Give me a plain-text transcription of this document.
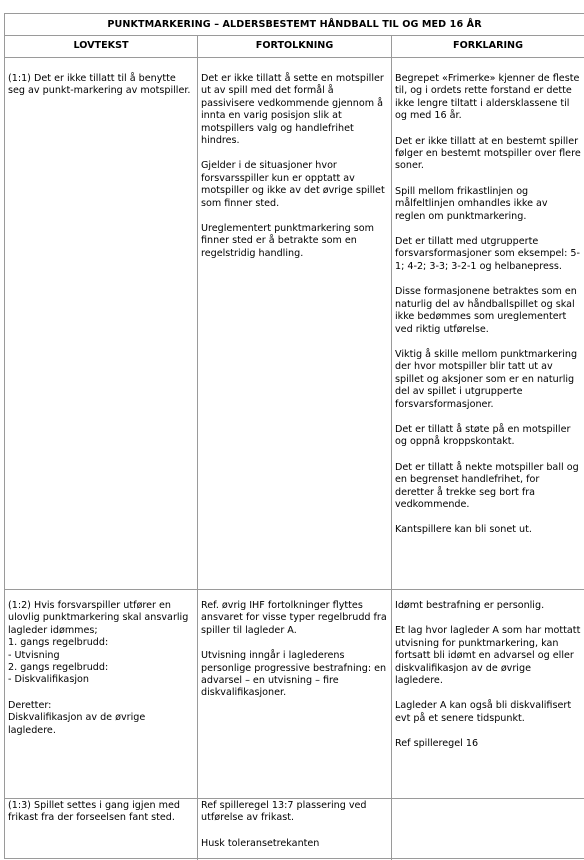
PUNKTMARKERING – ALDERSBESTEMT HÅNDBALL TIL OG MED 16 ÅR
LOVTEKST	FORTOLKNING	FORKLARING

(1:1) Det er ikke tillatt til å benytte seg av punkt-markering av motspiller.

Det er ikke tillatt å sette en motspiller ut av spill med det formål å passivisere vedkommende gjennom å innta en varig posisjon slik at motspillers valg og handlefrihet hindres.

Gjelder i de situasjoner hvor forsvarsspiller kun er opptatt av motspiller og ikke av det øvrige spillet som finner sted.

Ureglementert punktmarkering som finner sted er å betrakte som en regelstridig handling.

Begrepet «Frimerke» kjenner de fleste til, og i ordets rette forstand er dette ikke lengre tiltatt i aldersklassene til og med 16 år.

Det er ikke tillatt at en bestemt spiller følger en bestemt motspiller over flere soner.

Spill mellom frikastlinjen og målfeltlinjen omhandles ikke av reglen om punktmarkering.

Det er tillatt med utgrupperte forsvarsformasjoner som eksempel: 5-1; 4-2; 3-3; 3-2-1 og helbanepress.

Disse formasjonene betraktes som en naturlig del av håndballspillet og skal ikke bedømmes som ureglementert ved riktig utførelse.

Viktig å skille mellom punktmarkering der hvor motspiller blir tatt ut av spillet og aksjoner som er en naturlig del av spillet i utgrupperte forsvarsformasjoner.

Det er tillatt å støte på en motspiller og oppnå kroppskontakt.

Det er tillatt å nekte motspiller ball og en begrenset handlefrihet, for deretter å trekke seg bort fra vedkommende.

Kantspillere kan bli sonet ut.

(1:2) Hvis forsvarspiller utfører en ulovlig punktmarkering skal ansvarlig lagleder idømmes;
1. gangs regelbrudd:
- Utvisning
2. gangs regelbrudd:
- Diskvalifikasjon

Deretter:
Diskvalifikasjon av de øvrige lagledere.

Ref. øvrig IHF fortolkninger flyttes ansvaret for visse typer regelbrudd fra spiller til lagleder A.

Utvisning inngår i laglederens personlige progressive bestrafning: en advarsel – en utvisning – fire diskvalifikasjoner.

Idømt bestrafning er personlig.

Et lag hvor lagleder A som har mottatt utvisning for punktmarkering, kan fortsatt bli idømt en advarsel og eller diskvalifikasjon av de øvrige lagledere.

Lagleder A kan også bli diskvalifisert evt på et senere tidspunkt.

Ref spilleregel 16

(1:3) Spillet settes i gang igjen med frikast fra der forseelsen fant sted.

Ref spilleregel 13:7 plassering ved utførelse av frikast.

Husk toleransetrekanten
